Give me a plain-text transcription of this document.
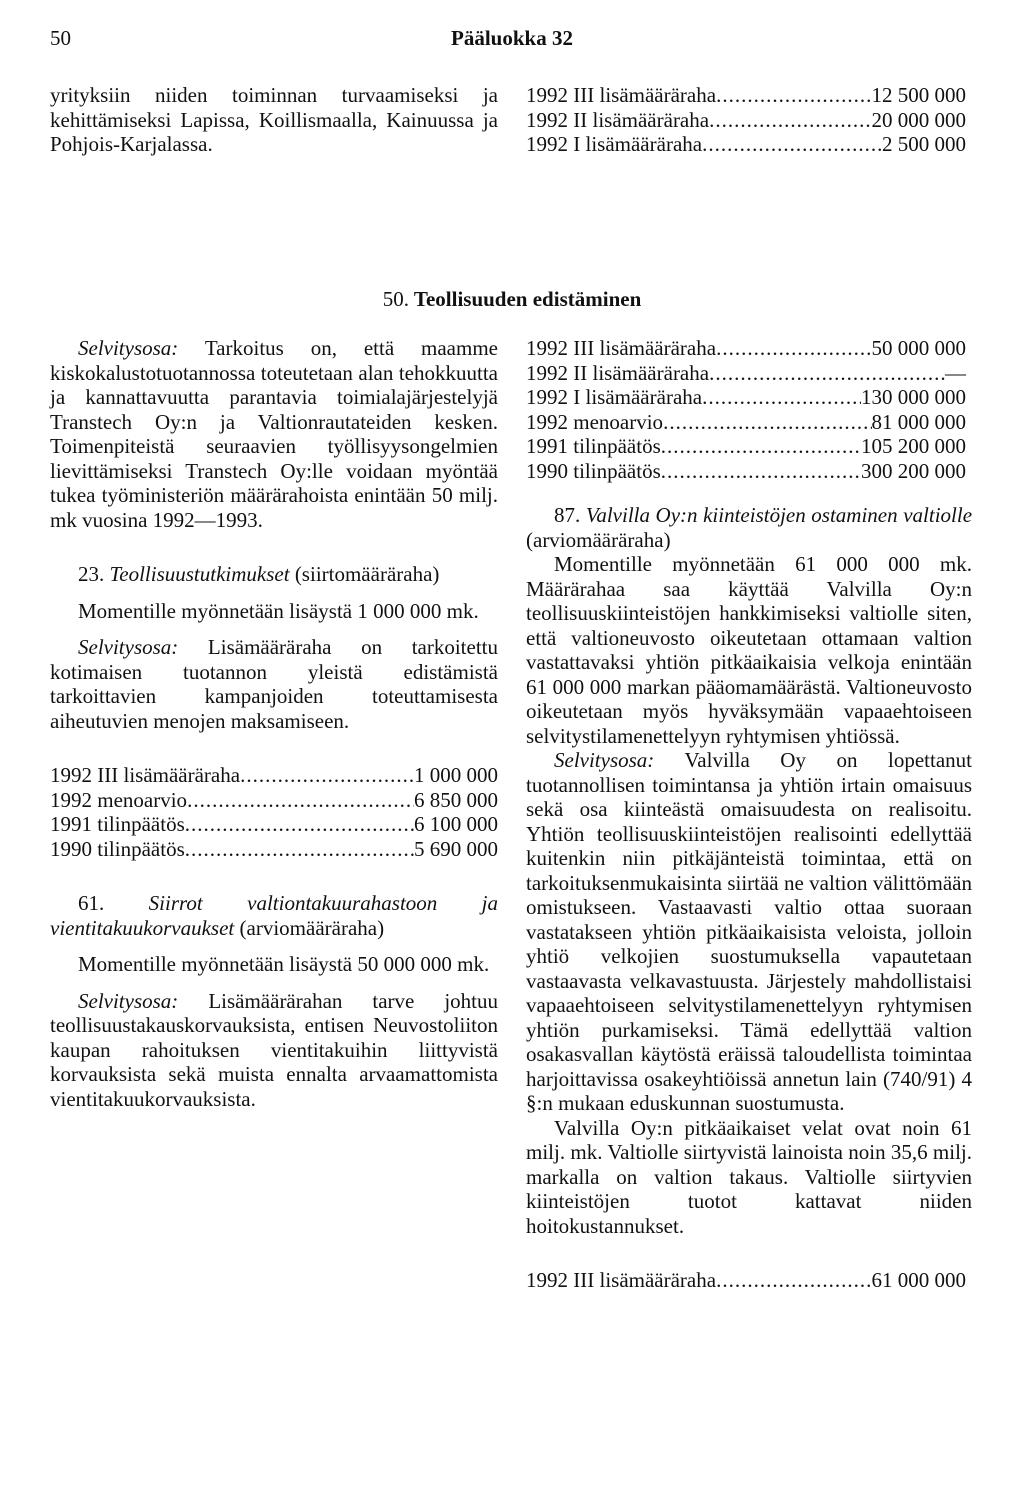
50	Pääluokka 32

yrityksiin niiden toiminnan turvaamiseksi ja kehittämiseksi Lapissa, Koillismaalla, Kainuussa ja Pohjois-Karjalassa.

1992 III lisämääräraha .....	12 500 000
1992 II lisämääräraha .....	20 000 000
1992 I lisämääräraha .....	2 500 000
50. Teollisuuden edistäminen

Selvitysosa: Tarkoitus on, että maamme kiskokalustotuotannossa toteutetaan alan tehokkuutta ja kannattavuutta parantavia toimialajärjestelyjä Transtech Oy:n ja Valtionrautateiden kesken. Toimenpiteistä seuraavien työllisyysongelmien lievittämiseksi Transtech Oy:lle voidaan myöntää tukea työministeriön määrärahoista enintään 50 milj. mk vuosina 1992—1993.

23. Teollisuustutkimukset (siirtomääräraha)

Momentille myönnetään lisäystä 1 000 000 mk.

Selvitysosa: Lisämääräraha on tarkoitettu kotimaisen tuotannon yleistä edistämistä tarkoittavien kampanjoiden toteuttamisesta aiheutuvien menojen maksamiseen.

1992 III lisämääräraha .....	1 000 000
1992 menoarvio .....	6 850 000
1991 tilinpäätös .....	6 100 000
1990 tilinpäätös .....	5 690 000

61. Siirrot valtiontakuurahastoon ja vientitakuukorvaukset (arviomääräraha)

Momentille myönnetään lisäystä 50 000 000 mk.

Selvitysosa: Lisämäärärahan tarve johtuu teollisuustakauskorvauksista, entisen Neuvostoliiton kaupan rahoituksen vientitakuihin liittyvistä korvauksista sekä muista ennalta arvaamattomista vientitakuukorvauksista.

1992 III lisämääräraha .....	50 000 000
1992 II lisämääräraha .....	—
1992 I lisämääräraha .....	130 000 000
1992 menoarvio .....	81 000 000
1991 tilinpäätös .....	105 200 000
1990 tilinpäätös .....	300 200 000

87. Valvilla Oy:n kiinteistöjen ostaminen valtiolle (arviomääräraha)

Momentille myönnetään 61 000 000 mk. Määrärahaa saa käyttää Valvilla Oy:n teollisuuskiinteistöjen hankkimiseksi valtiolle siten, että valtioneuvosto oikeutetaan ottamaan valtion vastattavaksi yhtiön pitkäaikaisia velkoja enintään 61 000 000 markan pääomamäärästä. Valtioneuvosto oikeutetaan myös hyväksymään vapaaehtoiseen selvitystilamenettelyyn ryhtymisen yhtiössä.

Selvitysosa: Valvilla Oy on lopettanut tuotannollisen toimintansa ja yhtiön irtain omaisuus sekä osa kiinteästä omaisuudesta on realisoitu. Yhtiön teollisuuskiinteistöjen realisointi edellyttää kuitenkin niin pitkäjänteistä toimintaa, että on tarkoituksenmukaisinta siirtää ne valtion välittömään omistukseen. Vastaavasti valtio ottaa suoraan vastatakseen yhtiön pitkäaikaisista veloista, jolloin yhtiö velkojien suostumuksella vapautetaan vastaavasta velkavastuusta. Järjestely mahdollistaisi vapaaehtoiseen selvitystilamenettelyyn ryhtymisen yhtiön purkamiseksi. Tämä edellyttää valtion osakasvallan käytöstä eräissä taloudellista toimintaa harjoittavissa osakeyhtiöissä annetun lain (740/91) 4 §:n mukaan eduskunnan suostumusta.

Valvilla Oy:n pitkäaikaiset velat ovat noin 61 milj. mk. Valtiolle siirtyvistä lainoista noin 35,6 milj. markalla on valtion takaus. Valtiolle siirtyvien kiinteistöjen tuotot kattavat niiden hoitokustannukset.

1992 III lisämääräraha .....	61 000 000
